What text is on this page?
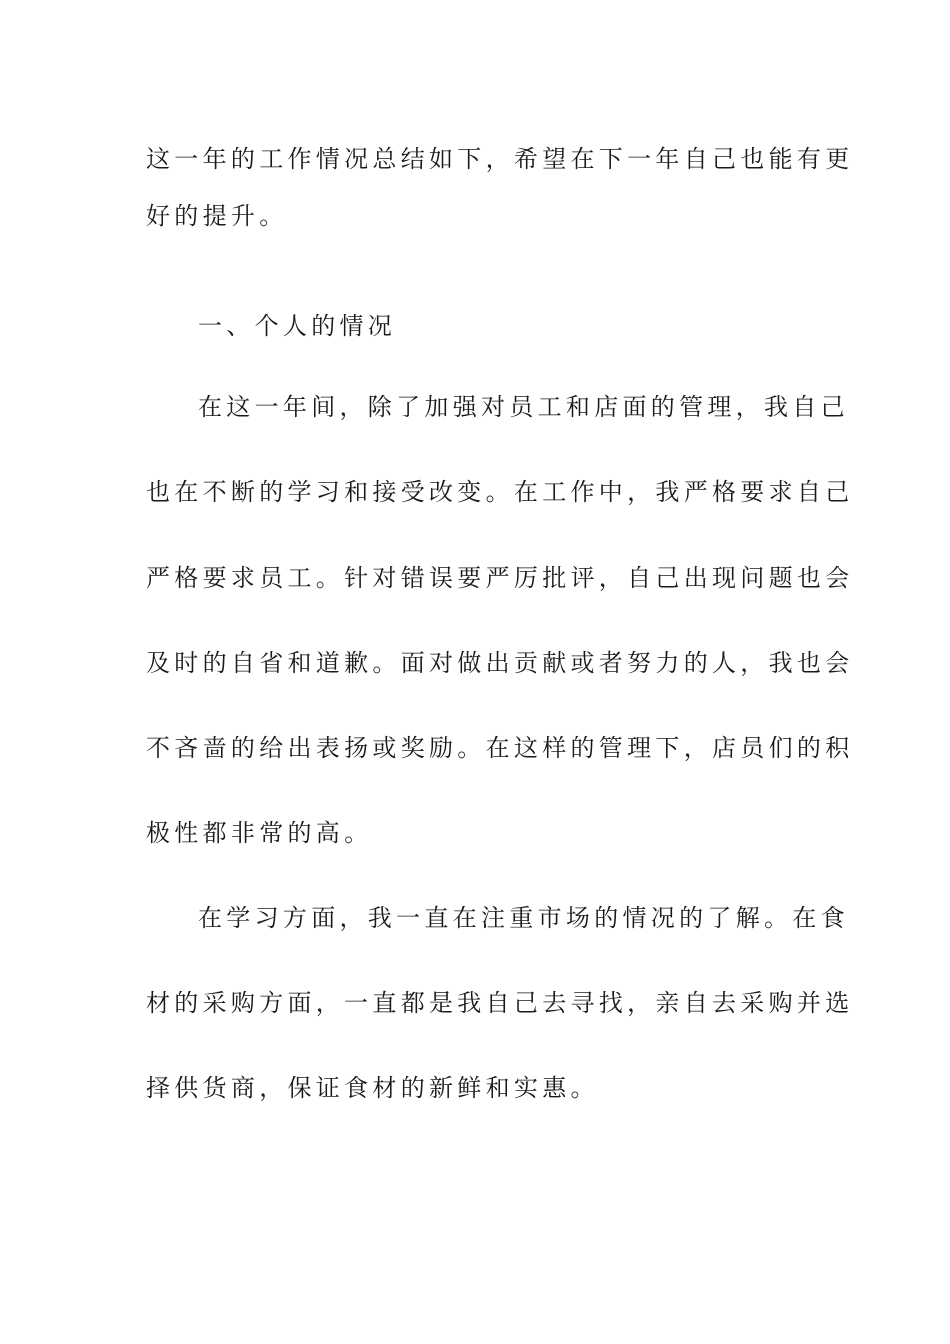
这一年的工作情况总结如下，希望在下一年自己也能有更
好的提升。
一、个人的情况
在这一年间，除了加强对员工和店面的管理，我自己
也在不断的学习和接受改变。在工作中，我严格要求自己
严格要求员工。针对错误要严厉批评，自己出现问题也会
及时的自省和道歉。面对做出贡献或者努力的人，我也会
不吝啬的给出表扬或奖励。在这样的管理下，店员们的积
极性都非常的高。
在学习方面，我一直在注重市场的情况的了解。在食
材的采购方面，一直都是我自己去寻找，亲自去采购并选
择供货商，保证食材的新鲜和实惠。
